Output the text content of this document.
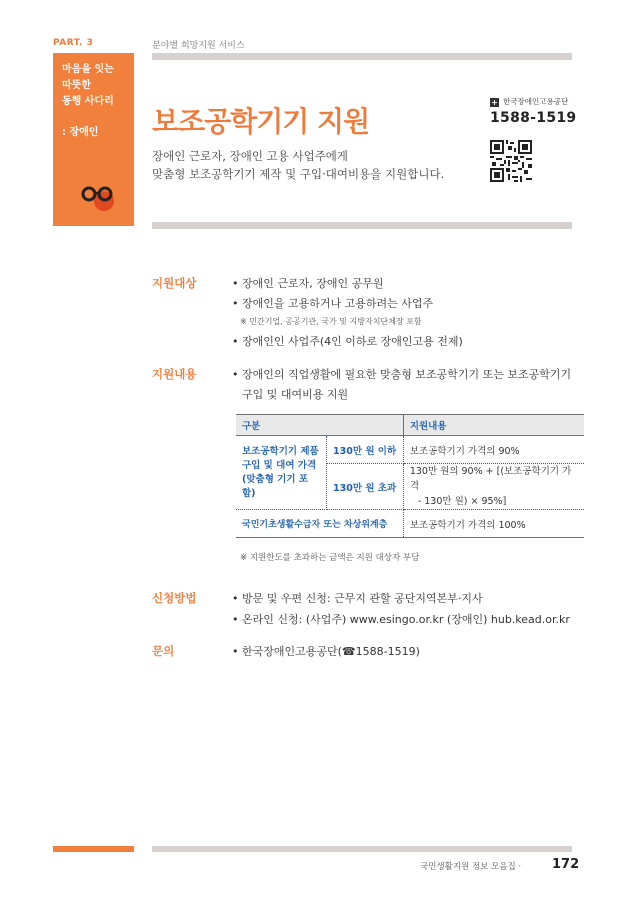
PART. 3	분야별 희망지원 서비스
마음을 잇는
따뜻한
동행 사다리
: 장애인 보조공학기기 지원
장애인 근로자, 장애인 고용 사업주에게
맞춤형 보조공학기기 제작 및 구입·대여비용을 지원합니다.
+ 한국장애인고용공단
1588-1519
지원대상	• 장애인 근로자, 장애인 공무원
• 장애인을 고용하거나 고용하려는 사업주
※ 민간기업, 공공기관, 국가 및 지방자치단체장 포함
• 장애인인 사업주(4인 이하로 장애인고용 전제)
지원내용	• 장애인의 직업생활에 필요한 맞춤형 보조공학기기 또는 보조공학기기
구입 및 대여비용 지원
구분		지원내용

보조공학기기 제품
구입 및 대여 가격
(맞춤형 기기 포함)	130만 원 이하	보조공학기기 가격의 90%
	130만 원 초과	130만 원의 90% + [(보조공학기기 가격
- 130만 원) × 95%]

국민기초생활수급자 또는 차상위계층		보조공학기기 가격의 100%
※ 지원한도를 초과하는 금액은 지원 대상자 부담
신청방법	• 방문 및 우편 신청: 근무지 관할 공단지역본부·지사
• 온라인 신청: (사업주) www.esingo.or.kr (장애인) hub.kead.or.kr
문의	• 한국장애인고용공단(☎1588-1519)
국민생활지원 정보 모음집 · 172
